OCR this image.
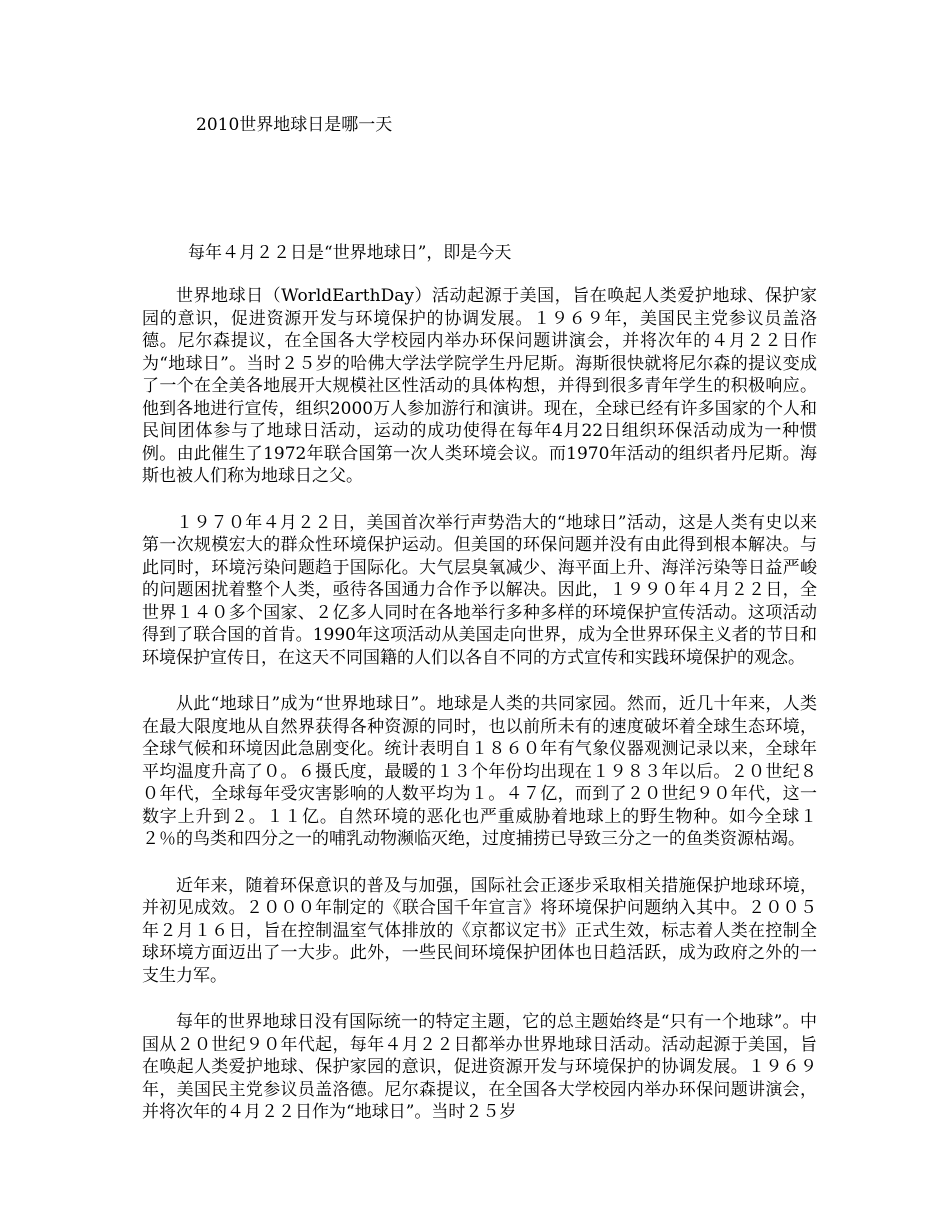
2010世界地球日是哪一天
每年４月２２日是“世界地球日”，即是今天

世界地球日（WorldEarthDay）活动起源于美国，旨在唤起人类爱护地球、保护家园的意识，促进资源开发与环境保护的协调发展。１９６９年，美国民主党参议员盖洛德。尼尔森提议，在全国各大学校园内举办环保问题讲演会，并将次年的４月２２日作为“地球日”。当时２５岁的哈佛大学法学院学生丹尼斯。海斯很快就将尼尔森的提议变成了一个在全美各地展开大规模社区性活动的具体构想，并得到很多青年学生的积极响应。他到各地进行宣传，组织2000万人参加游行和演讲。现在，全球已经有许多国家的个人和民间团体参与了地球日活动，运动的成功使得在每年4月22日组织环保活动成为一种惯例。由此催生了1972年联合国第一次人类环境会议。而1970年活动的组织者丹尼斯。海斯也被人们称为地球日之父。

１９７０年４月２２日，美国首次举行声势浩大的“地球日”活动，这是人类有史以来第一次规模宏大的群众性环境保护运动。但美国的环保问题并没有由此得到根本解决。与此同时，环境污染问题趋于国际化。大气层臭氧减少、海平面上升、海洋污染等日益严峻的问题困扰着整个人类，亟待各国通力合作予以解决。因此，１９９０年４月２２日，全世界１４０多个国家、２亿多人同时在各地举行多种多样的环境保护宣传活动。这项活动得到了联合国的首肯。1990年这项活动从美国走向世界，成为全世界环保主义者的节日和环境保护宣传日，在这天不同国籍的人们以各自不同的方式宣传和实践环境保护的观念。

从此“地球日”成为“世界地球日”。地球是人类的共同家园。然而，近几十年来，人类在最大限度地从自然界获得各种资源的同时，也以前所未有的速度破坏着全球生态环境，全球气候和环境因此急剧变化。统计表明自１８６０年有气象仪器观测记录以来，全球年平均温度升高了０。６摄氏度，最暖的１３个年份均出现在１９８３年以后。２０世纪８０年代，全球每年受灾害影响的人数平均为１。４７亿，而到了２０世纪９０年代，这一数字上升到２。１１亿。自然环境的恶化也严重威胁着地球上的野生物种。如今全球１２％的鸟类和四分之一的哺乳动物濒临灭绝，过度捕捞已导致三分之一的鱼类资源枯竭。

近年来，随着环保意识的普及与加强，国际社会正逐步采取相关措施保护地球环境，并初见成效。２０００年制定的《联合国千年宣言》将环境保护问题纳入其中。２００５年２月１６日，旨在控制温室气体排放的《京都议定书》正式生效，标志着人类在控制全球环境方面迈出了一大步。此外，一些民间环境保护团体也日趋活跃，成为政府之外的一支生力军。

每年的世界地球日没有国际统一的特定主题，它的总主题始终是“只有一个地球”。中国从２０世纪９０年代起，每年４月２２日都举办世界地球日活动。活动起源于美国，旨在唤起人类爱护地球、保护家园的意识，促进资源开发与环境保护的协调发展。１９６９年，美国民主党参议员盖洛德。尼尔森提议，在全国各大学校园内举办环保问题讲演会，并将次年的４月２２日作为“地球日”。当时２５岁
